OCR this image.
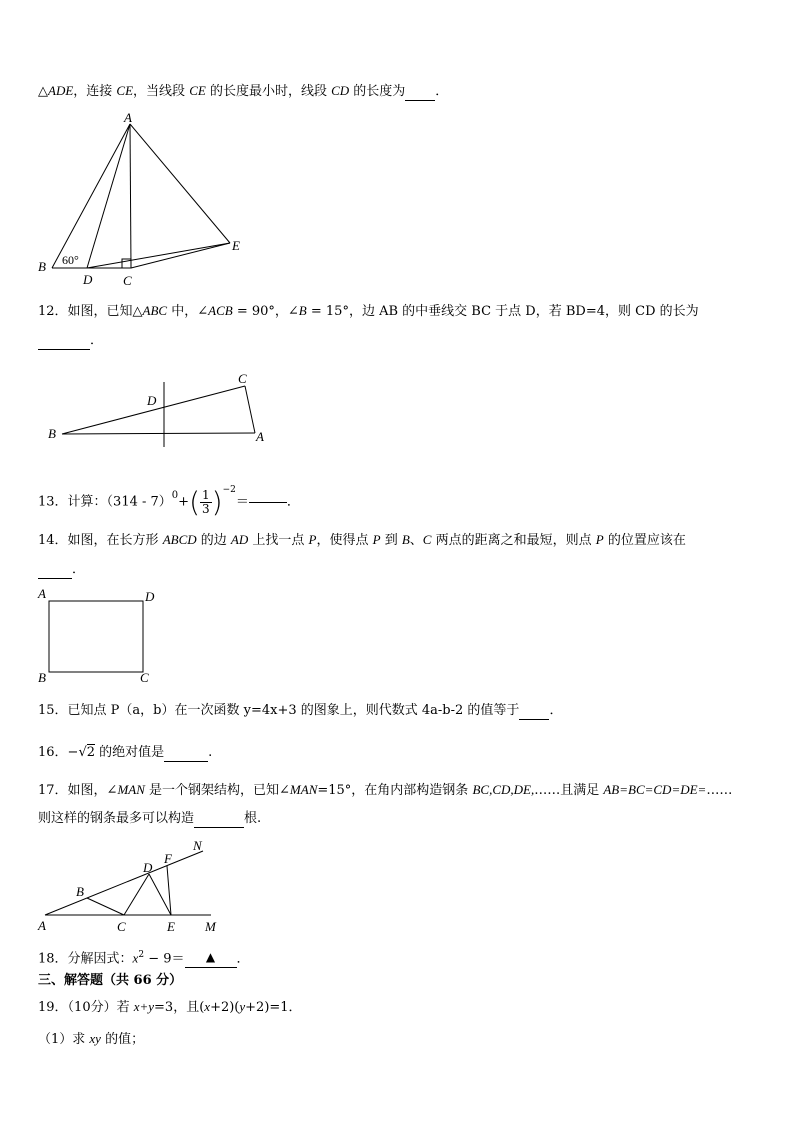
△ADE，连接 CE，当线段 CE 的长度最小时，线段 CD 的长度为 ．
A
B
D C
E
60°
12．如图，已知△ABC 中，∠ACB = 90°，∠B = 15°，边 AB 的中垂线交 BC 于点 D，若 BD=4，则 CD 的长为
．
B
D
C
A
13．计算：$(314 - 7)^0+( \frac{1}{3} )^{-2}=$	．
14．如图，在长方形 ABCD 的边 AD 上找一点 P，使得点 P 到 B、C 两点的距离之和最短，则点 P 的位置应该在
．
A	D
B	C
15．已知点 P（a，b）在一次函数 y=4x+3 的图象上，则代数式 4a-b-2 的值等于 ．
16．−√2 的绝对值是	.
17．如图，∠MAN 是一个钢架结构，已知∠MAN=15°，在角内部构造钢条 BC,CD,DE,……且满足 AB=BC=CD=DE=……
则这样的钢条最多可以构造	根.
A
B
C
D
E
F
M
N
18．分解因式：$x^2 - 9=$ ▲ ．
三、解答题（共 66 分）
19．（10分）若 x+y=3，且(x+2)(y+2)=1．
（1）求 xy 的值；
